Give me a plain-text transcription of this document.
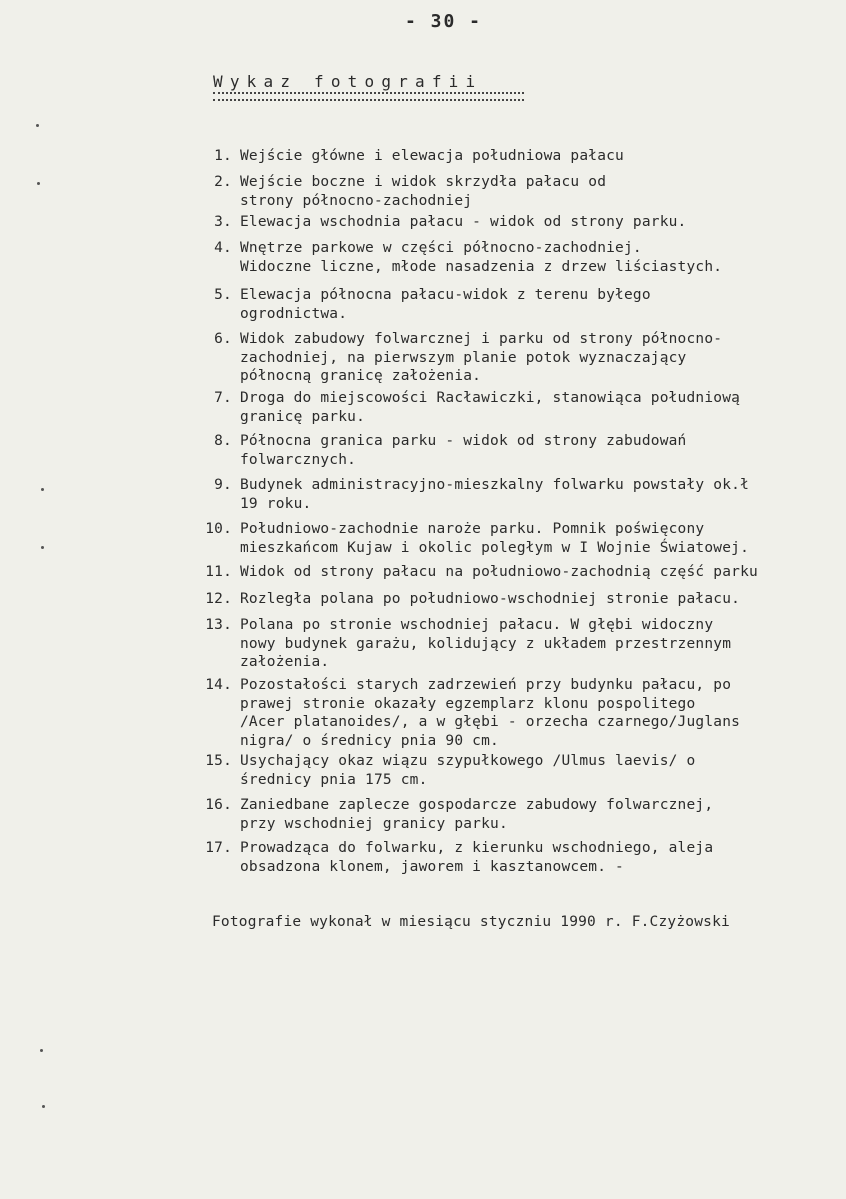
- 30 -
Wykaz fotografii
1. Wejście główne i elewacja południowa pałacu
2. Wejście boczne i widok skrzydła pałacu od
strony północno-zachodniej
3. Elewacja wschodnia pałacu - widok od strony parku.
4. Wnętrze parkowe w części północno-zachodniej.
Widoczne liczne, młode nasadzenia z drzew liściastych.
5. Elewacja północna pałacu-widok z terenu byłego
ogrodnictwa.
6. Widok zabudowy folwarcznej i parku od strony północno-
zachodniej, na pierwszym planie potok wyznaczający
północną granicę założenia.
7. Droga do miejscowości Racławiczki, stanowiąca południową
granicę parku.
8. Północna granica parku - widok od strony zabudowań
folwarcznych.
9. Budynek administracyjno-mieszkalny folwarku powstały ok.ł
19 roku.
10. Południowo-zachodnie naroże parku. Pomnik poświęcony
mieszkańcom Kujaw i okolic poległym w I Wojnie Światowej.
11. Widok od strony pałacu na południowo-zachodnią część parku
12. Rozległa polana po południowo-wschodniej stronie pałacu.
13. Polana po stronie wschodniej pałacu. W głębi widoczny
nowy budynek garażu, kolidujący z układem przestrzennym
założenia.
14. Pozostałości starych zadrzewień przy budynku pałacu, po
prawej stronie okazały egzemplarz klonu pospolitego
/Acer platanoides/, a w głębi - orzecha czarnego/Juglans
nigra/ o średnicy pnia 90 cm.
15. Usychający okaz wiązu szypułkowego /Ulmus laevis/ o
średnicy pnia 175 cm.
16. Zaniedbane zaplecze gospodarcze zabudowy folwarcznej,
przy wschodniej granicy parku.
17. Prowadząca do folwarku, z kierunku wschodniego, aleja
obsadzona klonem, jaworem i kasztanowcem. -
Fotografie wykonał w miesiącu styczniu 1990 r. F.Czyżowski
